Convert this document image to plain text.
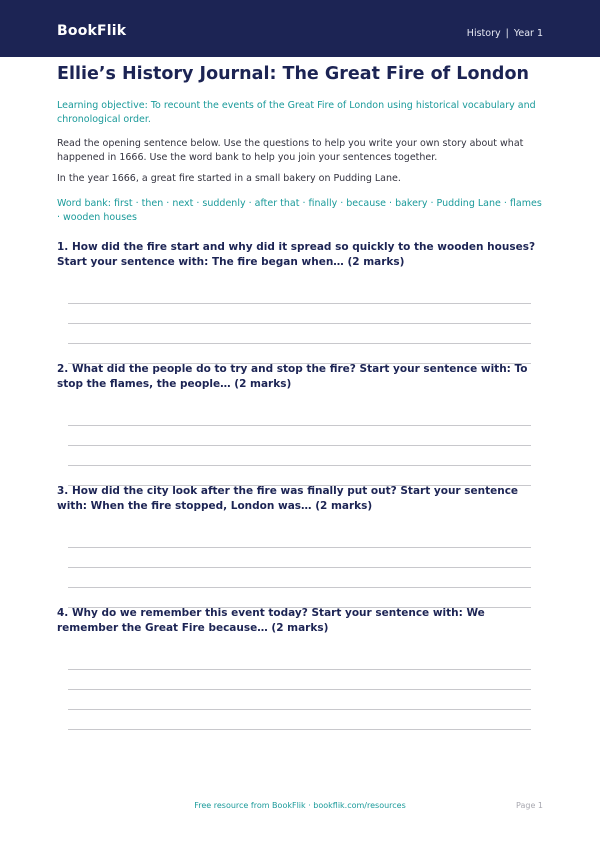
BookFlik	History | Year 1
Ellie’s History Journal: The Great Fire of London
Learning objective: To recount the events of the Great Fire of London using historical vocabulary and chronological order.
Read the opening sentence below. Use the questions to help you write your own story about what happened in 1666. Use the word bank to help you join your sentences together.
In the year 1666, a great fire started in a small bakery on Pudding Lane.
Word bank: first · then · next · suddenly · after that · finally · because · bakery · Pudding Lane · flames · wooden houses
1. How did the fire start and why did it spread so quickly to the wooden houses? Start your sentence with: The fire began when… (2 marks)
2. What did the people do to try and stop the fire? Start your sentence with: To stop the flames, the people… (2 marks)
3. How did the city look after the fire was finally put out? Start your sentence with: When the fire stopped, London was… (2 marks)
4. Why do we remember this event today? Start your sentence with: We remember the Great Fire because… (2 marks)
Free resource from BookFlik · bookflik.com/resources	Page 1
